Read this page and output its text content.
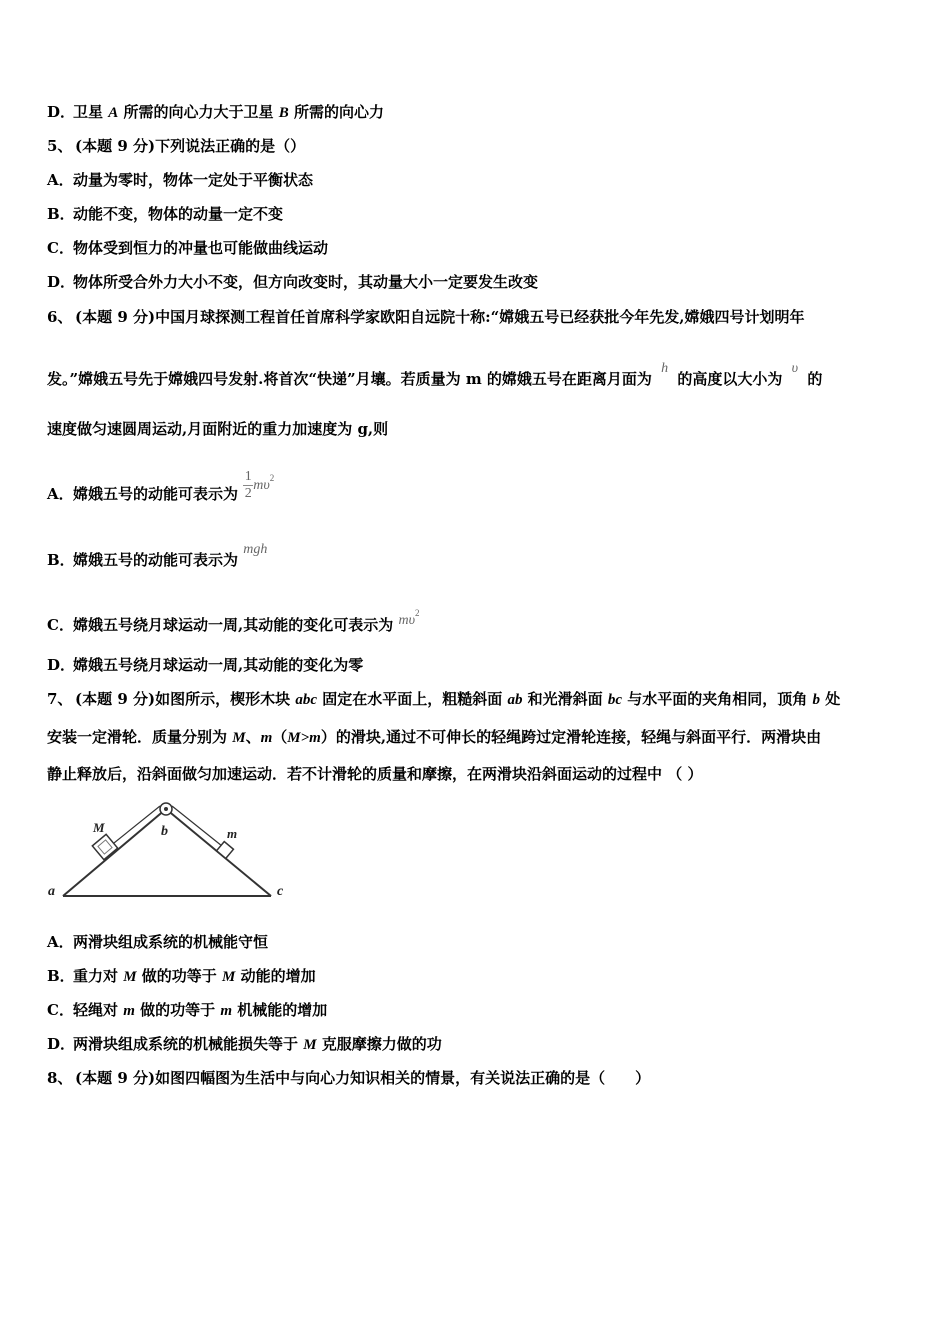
D．卫星 A 所需的向心力大于卫星 B 所需的向心力
5、 (本题 9 分)下列说法正确的是（）
A．动量为零时，物体一定处于平衡状态
B．动能不变，物体的动量一定不变
C．物体受到恒力的冲量也可能做曲线运动
D．物体所受合外力大小不变，但方向改变时，其动量大小一定要发生改变
6、 (本题 9 分)中国月球探测工程首任首席科学家欧阳自远院十称:“嫦娥五号已经获批今年先发,嫦娥四号计划明年
发。”嫦娥五号先于嫦娥四号发射.将首次“快递”月壤。若质量为 m 的嫦娥五号在距离月面为 h 的高度以大小为 υ 的
速度做匀速圆周运动,月面附近的重力加速度为 g,则
A．嫦娥五号的动能可表示为 $\frac{1}{2} m\upsilon^2$
B．嫦娥五号的动能可表示为 mgh
C．嫦娥五号绕月球运动一周,其动能的变化可表示为 $m\upsilon^2$
D．嫦娥五号绕月球运动一周,其动能的变化为零
7、 (本题 9 分)如图所示，楔形木块 abc 固定在水平面上，粗糙斜面 ab 和光滑斜面 bc 与水平面的夹角相同，顶角 b 处
安装一定滑轮．质量分别为 M、m（M>m）的滑块,通过不可伸长的轻绳跨过定滑轮连接，轻绳与斜面平行．两滑块由
静止释放后，沿斜面做匀加速运动．若不计滑轮的质量和摩擦，在两滑块沿斜面运动的过程中 （ ）
a
b
c
M	m
A．两滑块组成系统的机械能守恒
B．重力对 M 做的功等于 M 动能的增加
C．轻绳对 m 做的功等于 m 机械能的增加
D．两滑块组成系统的机械能损失等于 M 克服摩擦力做的功
8、 (本题 9 分)如图四幅图为生活中与向心力知识相关的情景，有关说法正确的是（　　）
